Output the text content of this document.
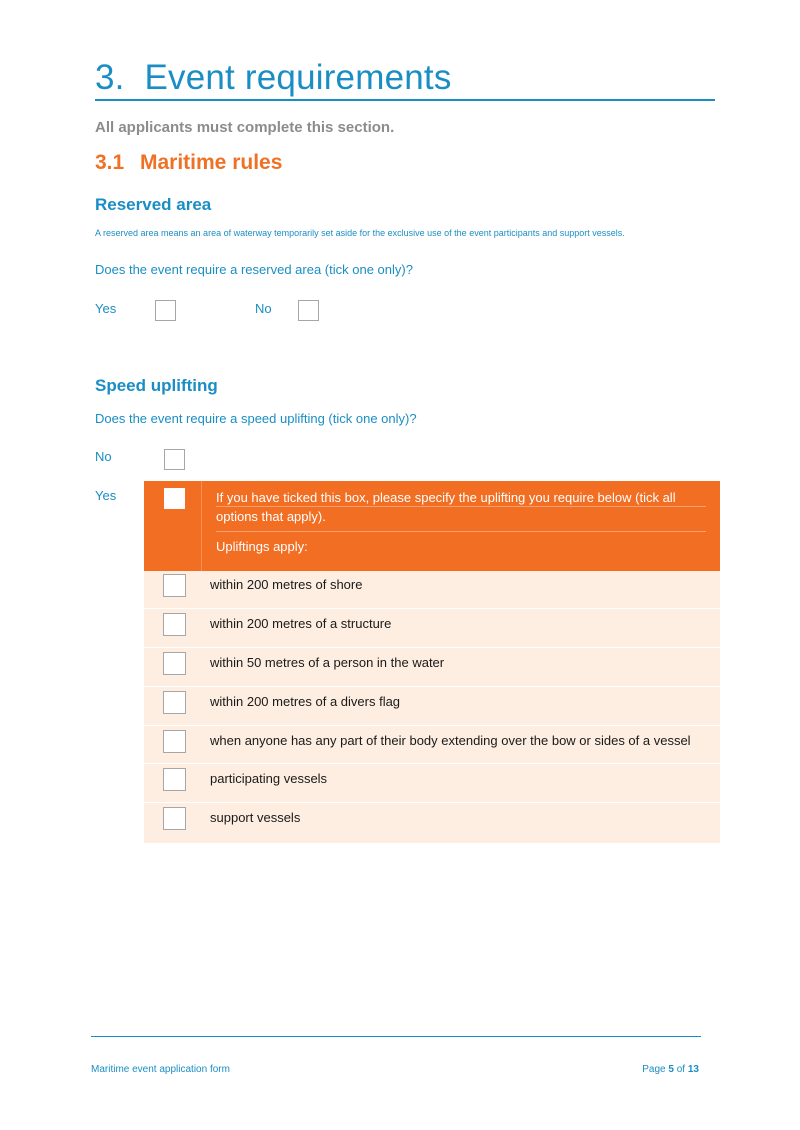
3. Event requirements
All applicants must complete this section.
3.1 Maritime rules
Reserved area
A reserved area means an area of waterway temporarily set aside for the exclusive use of the event participants and support vessels.
Does the event require a reserved area (tick one only)?
Yes	No
Speed uplifting
Does the event require a speed uplifting (tick one only)?
No
Yes	If you have ticked this box, please specify the uplifting you require below (tick all options that apply).
Upliftings apply:
within 200 metres of shore
within 200 metres of a structure
within 50 metres of a person in the water
within 200 metres of a divers flag
when anyone has any part of their body extending over the bow or sides of a vessel
participating vessels
support vessels
Maritime event application form	Page 5 of 13
